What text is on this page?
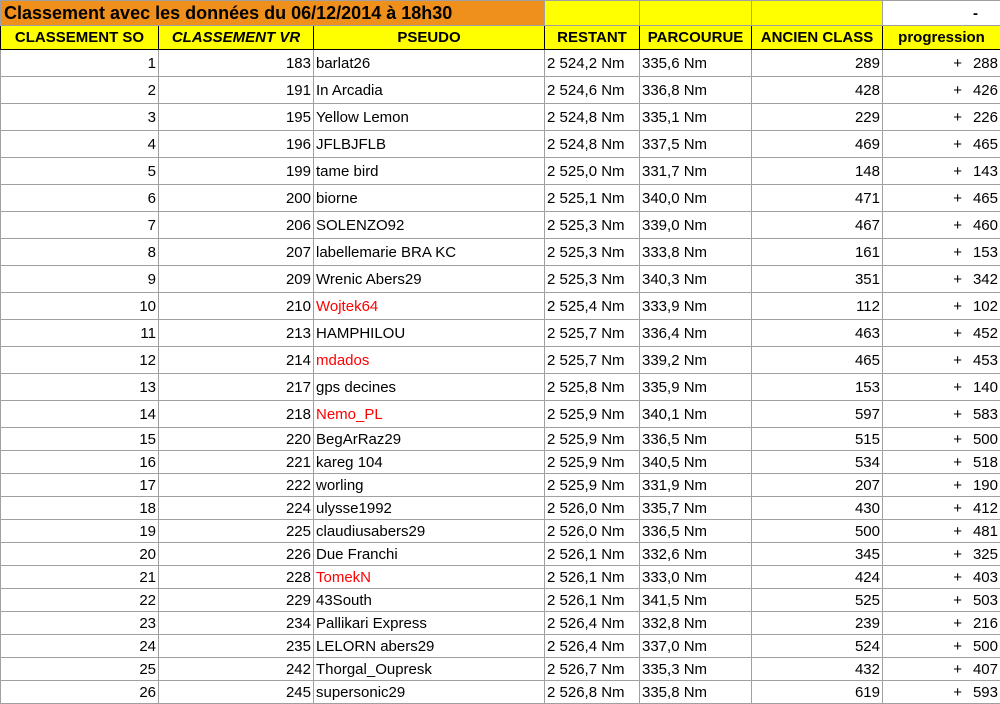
Classement avec les données du 06/12/2014 à 18h30						-
CLASSEMENT SO	CLASSEMENT VR	PSEUDO	RESTANT	PARCOURUE	ANCIEN CLASS	progression
1	183	barlat26	2 524,2 Nm	335,6 Nm	289	+ 288
2	191	In Arcadia	2 524,6 Nm	336,8 Nm	428	+ 426
3	195	Yellow Lemon	2 524,8 Nm	335,1 Nm	229	+ 226
4	196	JFLBJFLB	2 524,8 Nm	337,5 Nm	469	+ 465
5	199	tame bird	2 525,0 Nm	331,7 Nm	148	+ 143
6	200	biorne	2 525,1 Nm	340,0 Nm	471	+ 465
7	206	SOLENZO92	2 525,3 Nm	339,0 Nm	467	+ 460
8	207	labellemarie BRA KC	2 525,3 Nm	333,8 Nm	161	+ 153
9	209	Wrenic Abers29	2 525,3 Nm	340,3 Nm	351	+ 342
10	210	Wojtek64	2 525,4 Nm	333,9 Nm	112	+ 102
11	213	HAMPHILOU	2 525,7 Nm	336,4 Nm	463	+ 452
12	214	mdados	2 525,7 Nm	339,2 Nm	465	+ 453
13	217	gps decines	2 525,8 Nm	335,9 Nm	153	+ 140
14	218	Nemo_PL	2 525,9 Nm	340,1 Nm	597	+ 583
15	220	BegArRaz29	2 525,9 Nm	336,5 Nm	515	+ 500
16	221	kareg 104	2 525,9 Nm	340,5 Nm	534	+ 518
17	222	worling	2 525,9 Nm	331,9 Nm	207	+ 190
18	224	ulysse1992	2 526,0 Nm	335,7 Nm	430	+ 412
19	225	claudiusabers29	2 526,0 Nm	336,5 Nm	500	+ 481
20	226	Due Franchi	2 526,1 Nm	332,6 Nm	345	+ 325
21	228	TomekN	2 526,1 Nm	333,0 Nm	424	+ 403
22	229	43South	2 526,1 Nm	341,5 Nm	525	+ 503
23	234	Pallikari Express	2 526,4 Nm	332,8 Nm	239	+ 216
24	235	LELORN abers29	2 526,4 Nm	337,0 Nm	524	+ 500
25	242	Thorgal_Oupresk	2 526,7 Nm	335,3 Nm	432	+ 407
26	245	supersonic29	2 526,8 Nm	335,8 Nm	619	+ 593
